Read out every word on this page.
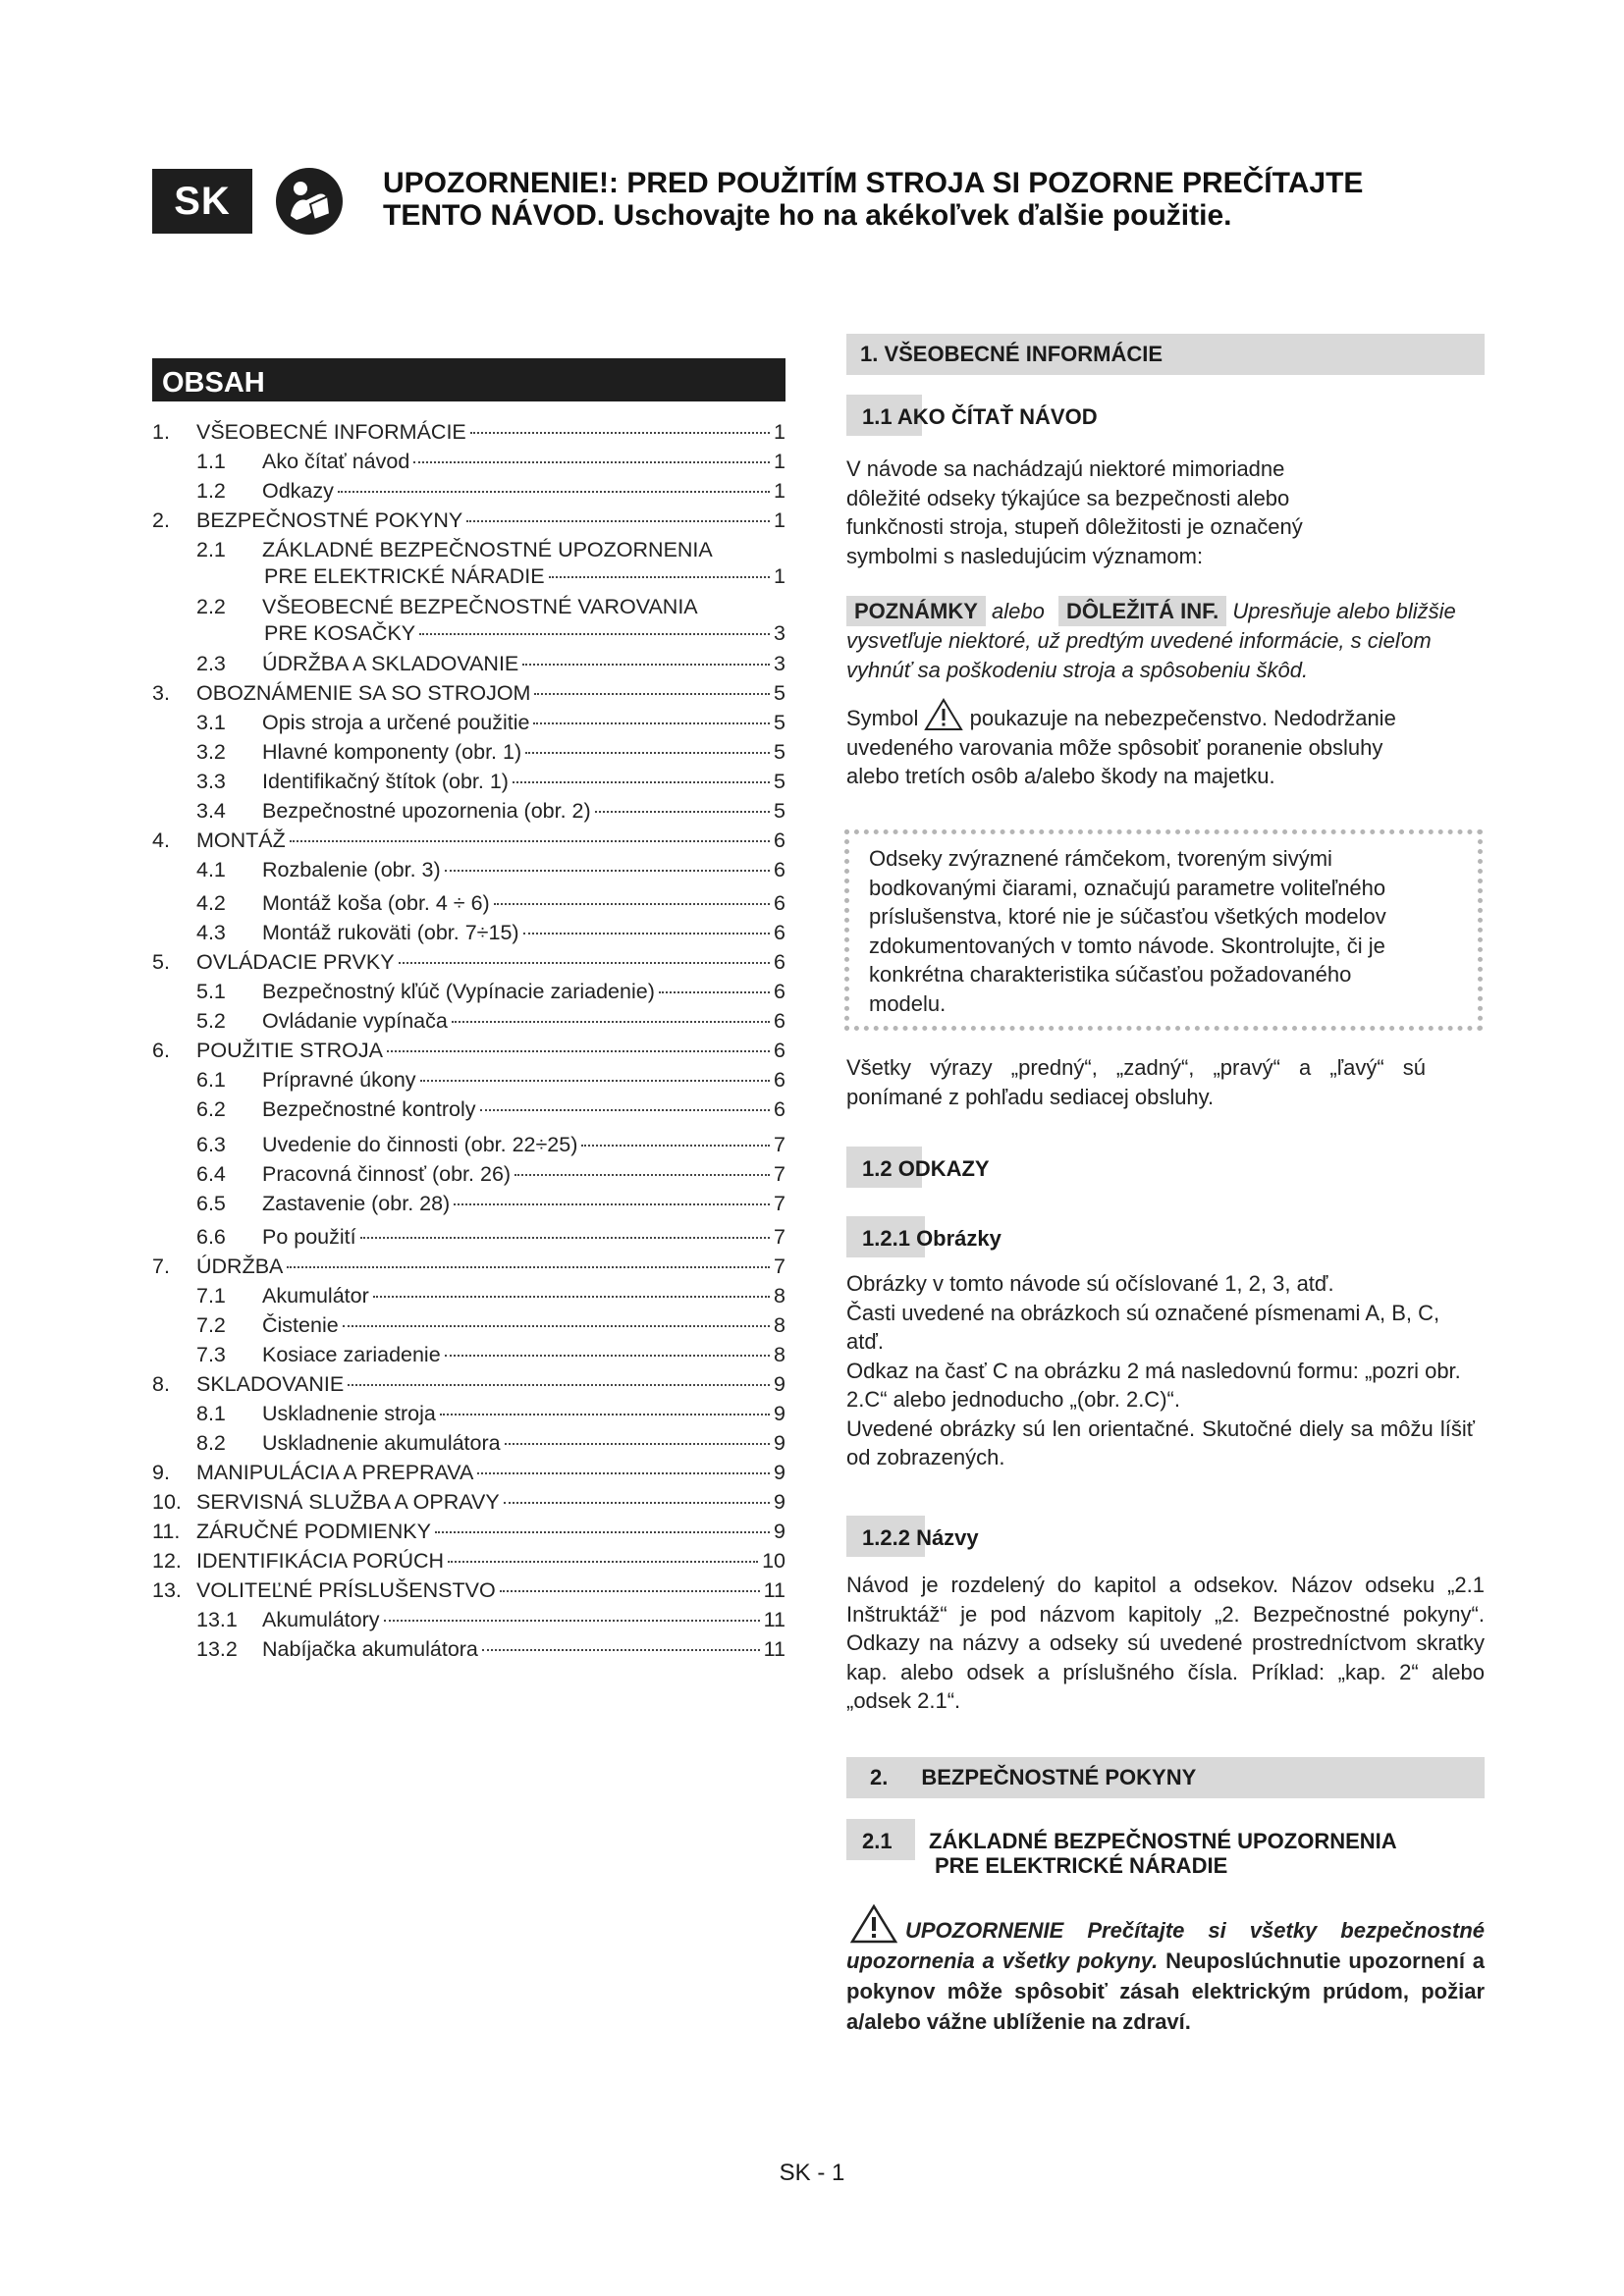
SK	UPOZORNENIE!: PRED POUŽITÍM STROJA SI POZORNE PREČÍTAJTE
TENTO NÁVOD. Uschovajte ho na akékoľvek ďalšie použitie.
OBSAH
1.	VŠEOBECNÉ INFORMÁCIE	1
1.1	Ako čítať návod	1
1.2	Odkazy	1
2.	BEZPEČNOSTNÉ POKYNY	1
2.1	ZÁKLADNÉ BEZPEČNOSTNÉ UPOZORNENIA
PRE ELEKTRICKÉ NÁRADIE	1
2.2	VŠEOBECNÉ BEZPEČNOSTNÉ VAROVANIA
PRE KOSAČKY	3
2.3	ÚDRŽBA A SKLADOVANIE	3
3.	OBOZNÁMENIE SA SO STROJOM	5
3.1	Opis stroja a určené použitie	5
3.2	Hlavné komponenty (obr. 1)	5
3.3	Identifikačný štítok (obr. 1)	5
3.4	Bezpečnostné upozornenia (obr. 2)	5
4.	MONTÁŽ	6
4.1	Rozbalenie (obr. 3)	6
4.2	Montáž koša (obr. 4 ÷ 6)	6
4.3	Montáž rukoväti (obr. 7÷15)	6
5.	OVLÁDACIE PRVKY	6
5.1	Bezpečnostný kľúč (Vypínacie zariadenie)	6
5.2	Ovládanie vypínača	6
6.	POUŽITIE STROJA	6
6.1	Prípravné úkony	6
6.2	Bezpečnostné kontroly	6
6.3	Uvedenie do činnosti (obr. 22÷25)	7
6.4	Pracovná činnosť (obr. 26)	7
6.5	Zastavenie (obr. 28)	7
6.6	Po použití	7
7.	ÚDRŽBA	7
7.1	Akumulátor	8
7.2	Čistenie	8
7.3	Kosiace zariadenie	8
8.	SKLADOVANIE	9
8.1	Uskladnenie stroja	9
8.2	Uskladnenie akumulátora	9
9.	MANIPULÁCIA A PREPRAVA	9
10. SERVISNÁ SLUŽBA A OPRAVY	9
11. ZÁRUČNÉ PODMIENKY	9
12. IDENTIFIKÁCIA PORÚCH	10
13. VOLITEĽNÉ PRÍSLUŠENSTVO	11
13.1	Akumulátory	11
13.2	Nabíjačka akumulátora	11
1. VŠEOBECNÉ INFORMÁCIE
1.1 AKO ČÍTAŤ NÁVOD
V návode sa nachádzajú niektoré mimoriadne dôležité odseky týkajúce sa bezpečnosti alebo funkčnosti stroja, stupeň dôležitosti je označený symbolmi s nasledujúcim významom:
POZNÁMKY alebo DÔLEŽITÁ INF. Upresňuje alebo bližšie vysvetľuje niektoré, už predtým uvedené informácie, s cieľom vyhnúť sa poškodeniu stroja a spôsobeniu škôd.
Symbol poukazuje na nebezpečenstvo. Nedodržanie uvedeného varovania môže spôsobiť poranenie obsluhy alebo tretích osôb a/alebo škody na majetku.
Odseky zvýraznené rámčekom, tvoreným sivými bodkovanými čiarami, označujú parametre voliteľného príslušenstva, ktoré nie je súčasťou všetkých modelov zdokumentovaných v tomto návode. Skontrolujte, či je konkrétna charakteristika súčasťou požadovaného modelu.
Všetky výrazy „predný“, „zadný“, „pravý“ a „ľavý“ sú ponímané z pohľadu sediacej obsluhy.
1.2 ODKAZY
1.2.1 Obrázky
Obrázky v tomto návode sú očíslované 1, 2, 3, atď.
Časti uvedené na obrázkoch sú označené písmenami A, B, C, atď.
Odkaz na časť C na obrázku 2 má nasledovnú formu: „pozri obr. 2.C“ alebo jednoducho „(obr. 2.C)“.
Uvedené obrázky sú len orientačné. Skutočné diely sa môžu líšiť od zobrazených.
1.2.2 Názvy
Návod je rozdelený do kapitol a odsekov. Názov odseku „2.1 Inštruktáž“ je pod názvom kapitoly „2. Bezpečnostné pokyny“. Odkazy na názvy a odseky sú uvedené prostredníctvom skratky kap. alebo odsek a príslušného čísla. Príklad: „kap. 2“ alebo „odsek 2.1“.
2. BEZPEČNOSTNÉ POKYNY
2.1 ZÁKLADNÉ BEZPEČNOSTNÉ UPOZORNENIA
PRE ELEKTRICKÉ NÁRADIE
UPOZORNENIE Prečítajte si všetky bezpečnostné upozornenia a všetky pokyny. Neuposlúchnutie upozornení a pokynov môže spôsobiť zásah elektrickým prúdom, požiar a/alebo vážne ublíženie na zdraví.
SK - 1
